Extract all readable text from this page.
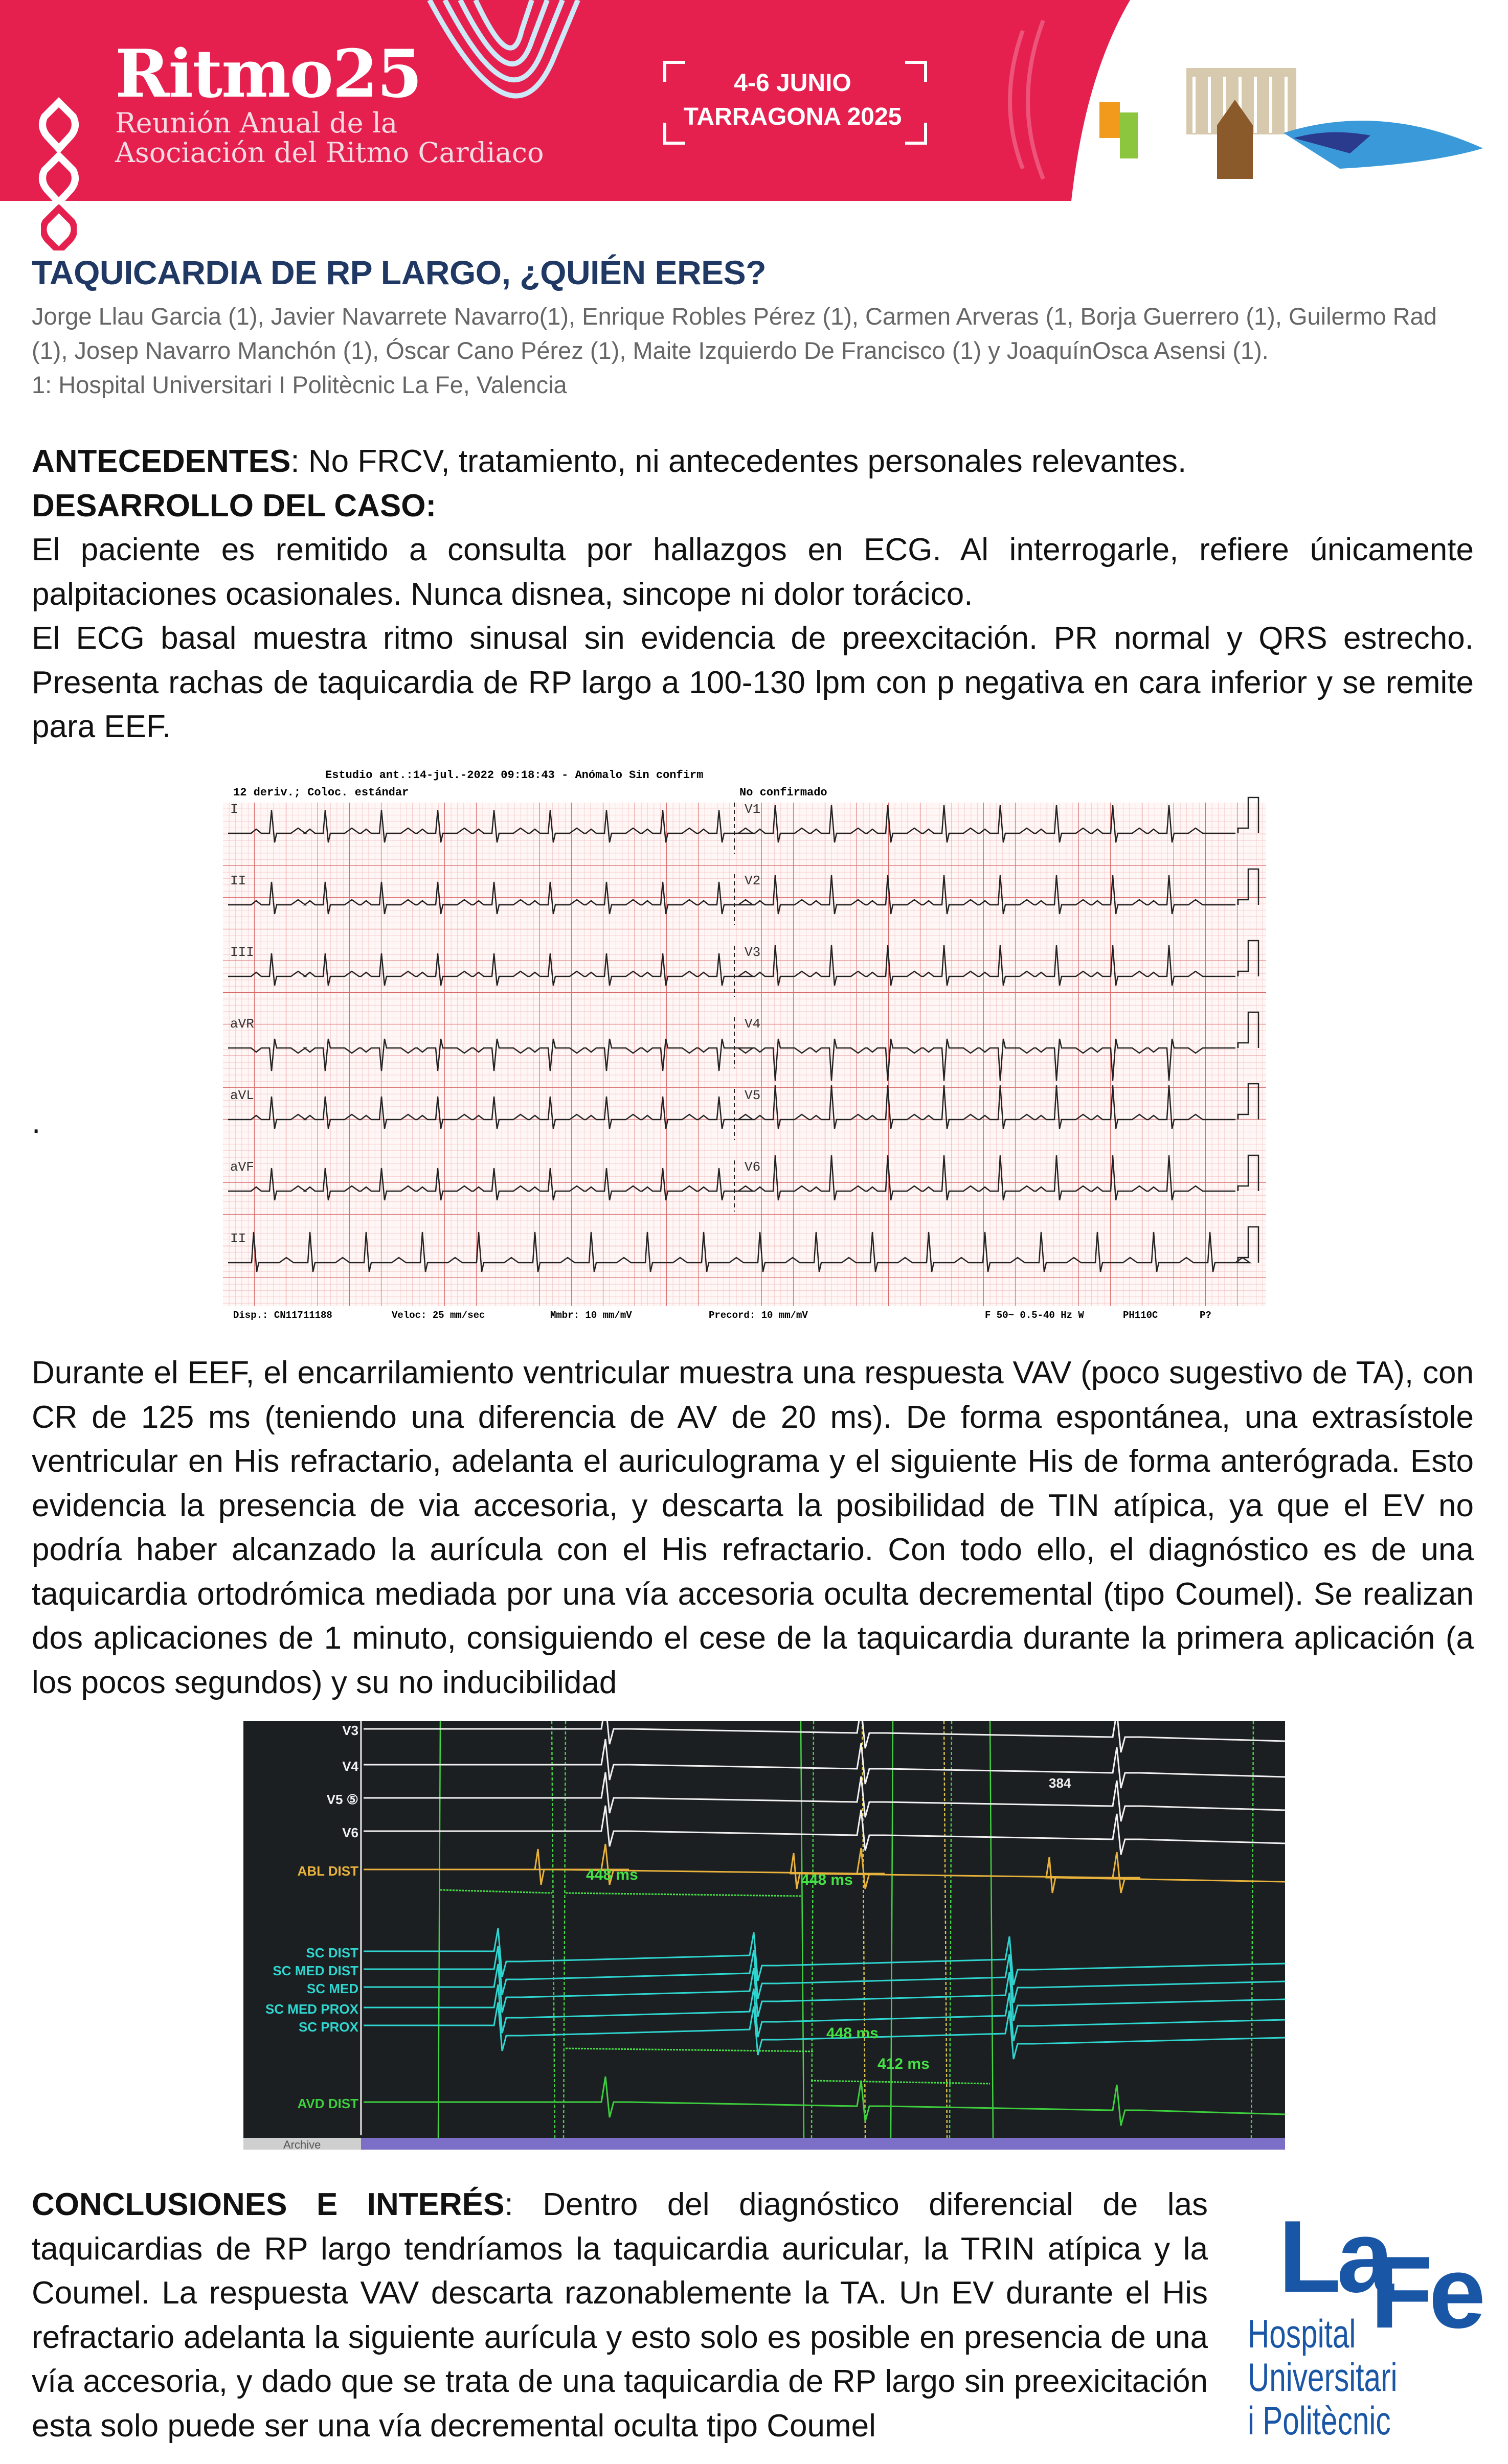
Ritmo25
Reunión Anual de la
Asociación del Ritmo Cardiaco
4-6 JUNIO
TARRAGONA 2025
TAQUICARDIA DE RP LARGO, ¿QUIÉN ERES?
Jorge Llau Garcia (1), Javier Navarrete Navarro(1), Enrique Robles Pérez (1), Carmen Arveras (1, Borja Guerrero (1), Guilermo Rad (1), Josep Navarro Manchón (1), Óscar Cano Pérez (1), Maite Izquierdo De Francisco (1) y JoaquínOsca Asensi (1).
1: Hospital Universitari I Politècnic La Fe, Valencia
ANTECEDENTES: No FRCV, tratamiento, ni antecedentes personales relevantes.
DESARROLLO DEL CASO:
El paciente es remitido a consulta por hallazgos en ECG. Al interrogarle, refiere únicamente palpitaciones ocasionales. Nunca disnea, sincope ni dolor torácico.
El ECG basal muestra ritmo sinusal sin evidencia de preexcitación. PR normal y QRS estrecho. Presenta rachas de taquicardia de RP largo a 100-130 lpm con p negativa en cara inferior y se remite para EEF.
Estudio ant.:14-jul.-2022 09:18:43 - Anómalo Sin confirm
12 deriv.; Coloc. estándar	No confirmado
I	V1
II	V2
III	V3
aVR	V4
aVL	V5
aVF	V6
II
Disp.: CN11711188	Veloc: 25 mm/sec	Mmbr: 10 mm/mV	Precord: 10 mm/mV	F 50~ 0.5-40 Hz W	PH110C	P?
.
Durante el EEF, el encarrilamiento ventricular muestra una respuesta VAV (poco sugestivo de TA), con CR de 125 ms (teniendo una diferencia de AV de 20 ms). De forma espontánea, una extrasístole ventricular en His refractario, adelanta el auriculograma y el siguiente His de forma anterógrada. Esto evidencia la presencia de via accesoria, y descarta la posibilidad de TIN atípica, ya que el EV no podría haber alcanzado la aurícula con el His refractario. Con todo ello, el diagnóstico es de una taquicardia ortodrómica mediada por una vía accesoria oculta decremental (tipo Coumel). Se realizan dos aplicaciones de 1 minuto, consiguiendo el cese de la taquicardia durante la primera aplicación (a los pocos segundos) y su no inducibilidad
Archive
V3
V4
V5 ⑤
V6
ABL DIST
SC DIST
SC MED DIST
SC MED
SC MED PROX
SC PROX
AVD DIST
448 ms	448 ms
448 ms
412 ms
384
CONCLUSIONES E INTERÉS: Dentro del diagnóstico diferencial de las taquicardias de RP largo tendríamos la taquicardia auricular, la TRIN atípica y la Coumel. La respuesta VAV descarta razonablemente la TA. Un EV durante el His refractario adelanta la siguiente aurícula y esto solo es posible en presencia de una vía accesoria, y dado que se trata de una taquicardia de RP largo sin preexicitación esta solo puede ser una vía decremental oculta tipo Coumel
La
Fe
Hospital
Universitari
i Politècnic
